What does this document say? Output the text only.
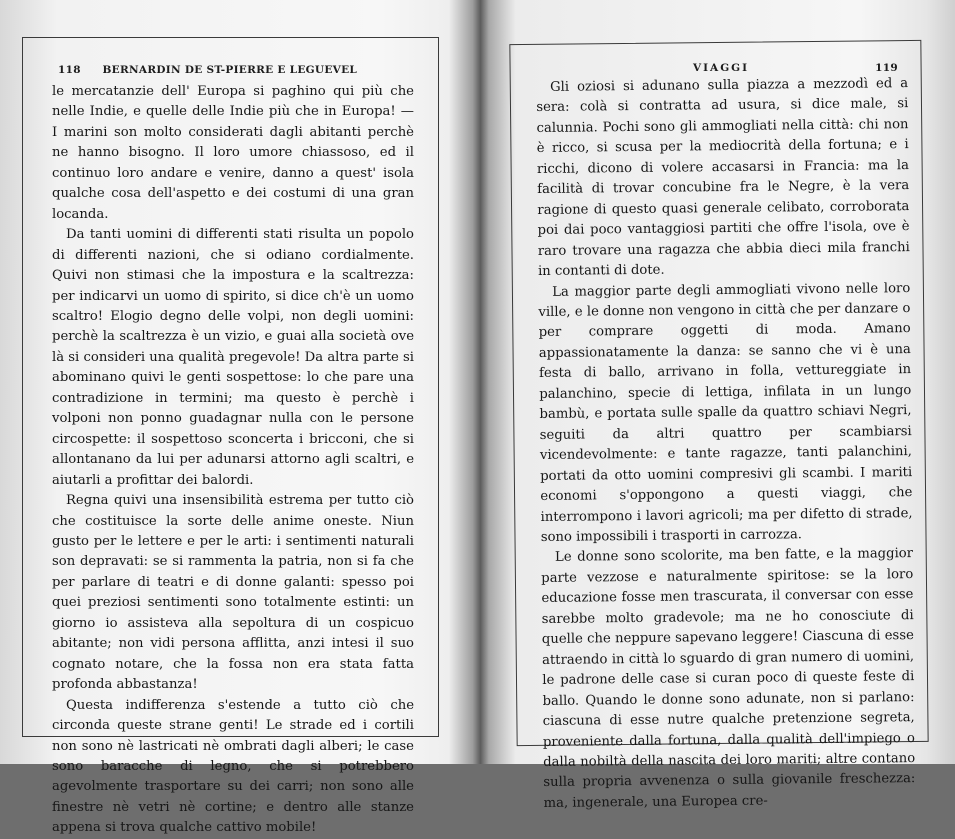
118 BERNARDIN DE ST-PIERRE E LEGUEVEL

le mercatanzie dell' Europa si paghino qui più che nelle Indie, e quelle delle Indie più che in Europa! — I marini son molto considerati dagli abitanti perchè ne hanno bisogno. Il loro umore chiassoso, ed il continuo loro andare e venire, danno a quest' isola qualche cosa dell'aspetto e dei costumi di una gran locanda.

Da tanti uomini di differenti stati risulta un popolo di differenti nazioni, che si odiano cordialmente. Quivi non stimasi che la impostura e la scaltrezza: per indicarvi un uomo di spirito, si dice ch'è un uomo scaltro! Elogio degno delle volpi, non degli uomini: perchè la scaltrezza è un vizio, e guai alla società ove là si consideri una qualità pregevole! Da altra parte si abominano quivi le genti sospettose: lo che pare una contradizione in termini; ma questo è perchè i volponi non ponno guadagnar nulla con le persone circospette: il sospettoso sconcerta i bricconi, che si allontanano da lui per adunarsi attorno agli scaltri, e aiutarli a profittar dei balordi.

Regna quivi una insensibilità estrema per tutto ciò che costituisce la sorte delle anime oneste. Niun gusto per le lettere e per le arti: i sentimenti naturali son depravati: se si rammenta la patria, non si fa che per parlare di teatri e di donne galanti: spesso poi quei preziosi sentimenti sono totalmente estinti: un giorno io assisteva alla sepoltura di un cospicuo abitante; non vidi persona afflitta, anzi intesi il suo cognato notare, che la fossa non era stata fatta profonda abbastanza!

Questa indifferenza s'estende a tutto ciò che circonda queste strane genti! Le strade ed i cortili non sono nè lastricati nè ombrati dagli alberi; le case sono baracche di legno, che si potrebbero agevolmente trasportare su dei carri; non sono alle finestre nè vetri nè cortine; e dentro alle stanze appena si trova qualche cattivo mobile!

VIAGGI	119

Gli oziosi si adunano sulla piazza a mezzodì ed a sera: colà si contratta ad usura, si dice male, si calunnia. Pochi sono gli ammogliati nella città: chi non è ricco, si scusa per la mediocrità della fortuna; e i ricchi, dicono di volere accasarsi in Francia: ma la facilità di trovar concubine fra le Negre, è la vera ragione di questo quasi generale celibato, corroborata poi dai poco vantaggiosi partiti che offre l'isola, ove è raro trovare una ragazza che abbia dieci mila franchi in contanti di dote.

La maggior parte degli ammogliati vivono nelle loro ville, e le donne non vengono in città che per danzare o per comprare oggetti di moda. Amano appassionatamente la danza: se sanno che vi è una festa di ballo, arrivano in folla, vettureggiate in palanchino, specie di lettiga, infilata in un lungo bambù, e portata sulle spalle da quattro schiavi Negri, seguiti da altri quattro per scambiarsi vicendevolmente: e tante ragazze, tanti palanchini, portati da otto uomini compresivi gli scambi. I mariti economi s'oppongono a questi viaggi, che interrompono i lavori agricoli; ma per difetto di strade, sono impossibili i trasporti in carrozza.

Le donne sono scolorite, ma ben fatte, e la maggior parte vezzose e naturalmente spiritose: se la loro educazione fosse men trascurata, il conversar con esse sarebbe molto gradevole; ma ne ho conosciute di quelle che neppure sapevano leggere! Ciascuna di esse attraendo in città lo sguardo di gran numero di uomini, le padrone delle case si curan poco di queste feste di ballo. Quando le donne sono adunate, non si parlano: ciascuna di esse nutre qualche pretenzione segreta, proveniente dalla fortuna, dalla qualità dell'impiego o dalla nobiltà della nascita dei loro mariti; altre contano sulla propria avvenenza o sulla giovanile freschezza: ma, ingenerale, una Europea cre-
